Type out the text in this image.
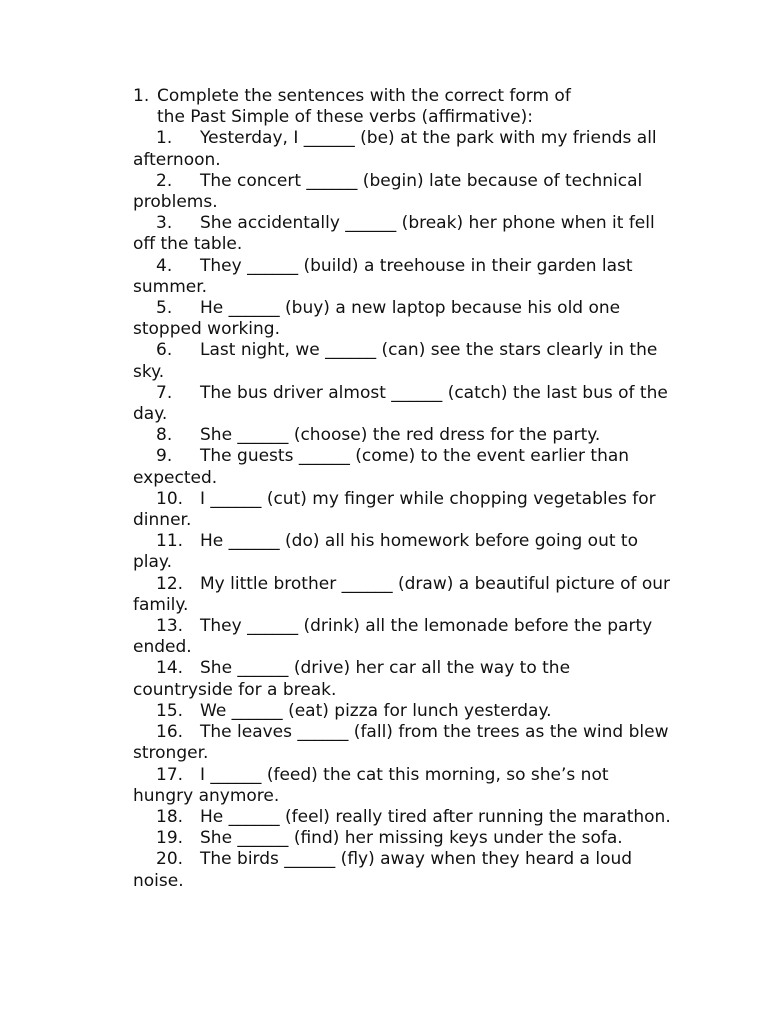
1. Complete the sentences with the correct form of
the Past Simple of these verbs (affirmative):
1. Yesterday, I ______ (be) at the park with my friends all afternoon.
2. The concert ______ (begin) late because of technical problems.
3. She accidentally ______ (break) her phone when it fell off the table.
4. They ______ (build) a treehouse in their garden last summer.
5. He ______ (buy) a new laptop because his old one stopped working.
6. Last night, we ______ (can) see the stars clearly in the sky.
7. The bus driver almost ______ (catch) the last bus of the day.
8. She ______ (choose) the red dress for the party.
9. The guests ______ (come) to the event earlier than expected.
10. I ______ (cut) my finger while chopping vegetables for dinner.
11. He ______ (do) all his homework before going out to play.
12. My little brother ______ (draw) a beautiful picture of our family.
13. They ______ (drink) all the lemonade before the party ended.
14. She ______ (drive) her car all the way to the countryside for a break.
15. We ______ (eat) pizza for lunch yesterday.
16. The leaves ______ (fall) from the trees as the wind blew stronger.
17. I ______ (feed) the cat this morning, so she’s not hungry anymore.
18. He ______ (feel) really tired after running the marathon.
19. She ______ (find) her missing keys under the sofa.
20. The birds ______ (fly) away when they heard a loud noise.
